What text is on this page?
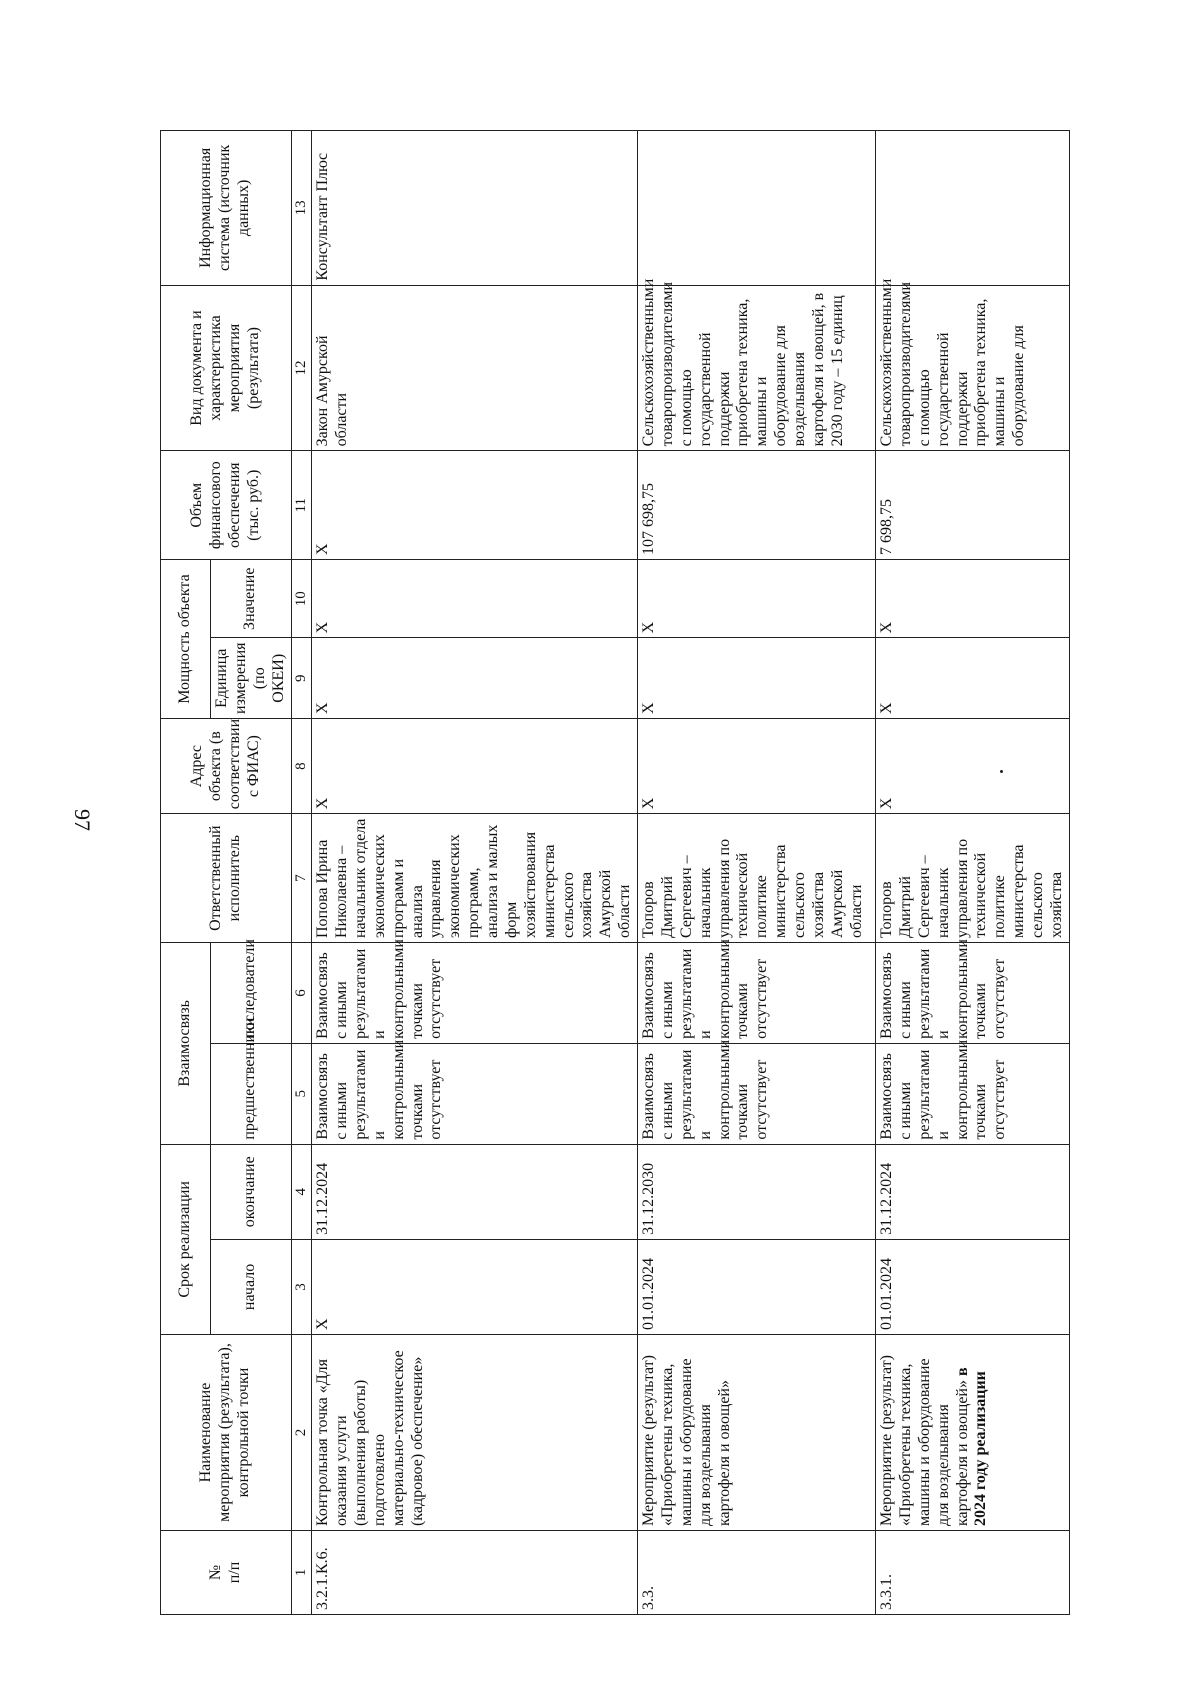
97
№
п/п	Наименование мероприятия (результата), контрольной точки	Срок реализации		Взаимосвязь		Ответственный исполнитель	Адрес объекта (в соответствии с ФИАС)	Мощность объекта		Объем финансового обеспечения (тыс. руб.)	Вид документа и характеристика мероприятия (результата)	Информационная система (источник данных)
		начало	окончание	предшественники	последователи			Единица измерения (по ОКЕИ)	Значение			
1	2	3	4	5	6	7	8	9	10	11	12	13
3.2.1.К.6.	Контрольная точка «Для оказания услуги (выполнения работы) подготовлено материально-техническое (кадровое) обеспечение»	Х	31.12.2024	Взаимосвязь с иными результатами и контрольными точками отсутствует	Взаимосвязь с иными результатами и контрольными точками отсутствует	Попова Ирина Николаевна – начальник отдела экономических программ и анализа управления экономических программ, анализа и малых форм хозяйствования министерства сельского хозяйства Амурской области	Х	Х	Х	Х	Закон Амурской области	Консультант Плюс
3.3.	Мероприятие (результат) «Приобретены техника, машины и оборудование для возделывания картофеля и овощей»	01.01.2024	31.12.2030	Взаимосвязь с иными результатами и контрольными точками отсутствует	Взаимосвязь с иными результатами и контрольными точками отсутствует	Топоров Дмитрий Сергеевич – начальник управления по технической политике министерства сельского хозяйства Амурской области	Х	Х	Х	107 698,75	Сельскохозяйственными товаропроизводителями с помощью государственной поддержки приобретена техника, машины и оборудование для возделывания картофеля и овощей, в 2030 году – 15 единиц	
3.3.1.	Мероприятие (результат) «Приобретены техника, машины и оборудование для возделывания картофеля и овощей» в 2024 году реализации	01.01.2024	31.12.2024	Взаимосвязь с иными результатами и контрольными точками отсутствует	Взаимосвязь с иными результатами и контрольными точками отсутствует	Топоров Дмитрий Сергеевич – начальник управления по технической политике министерства сельского хозяйства	Х	Х	Х	7 698,75	Сельскохозяйственными товаропроизводителями с помощью государственной поддержки приобретена техника, машины и оборудование для	
